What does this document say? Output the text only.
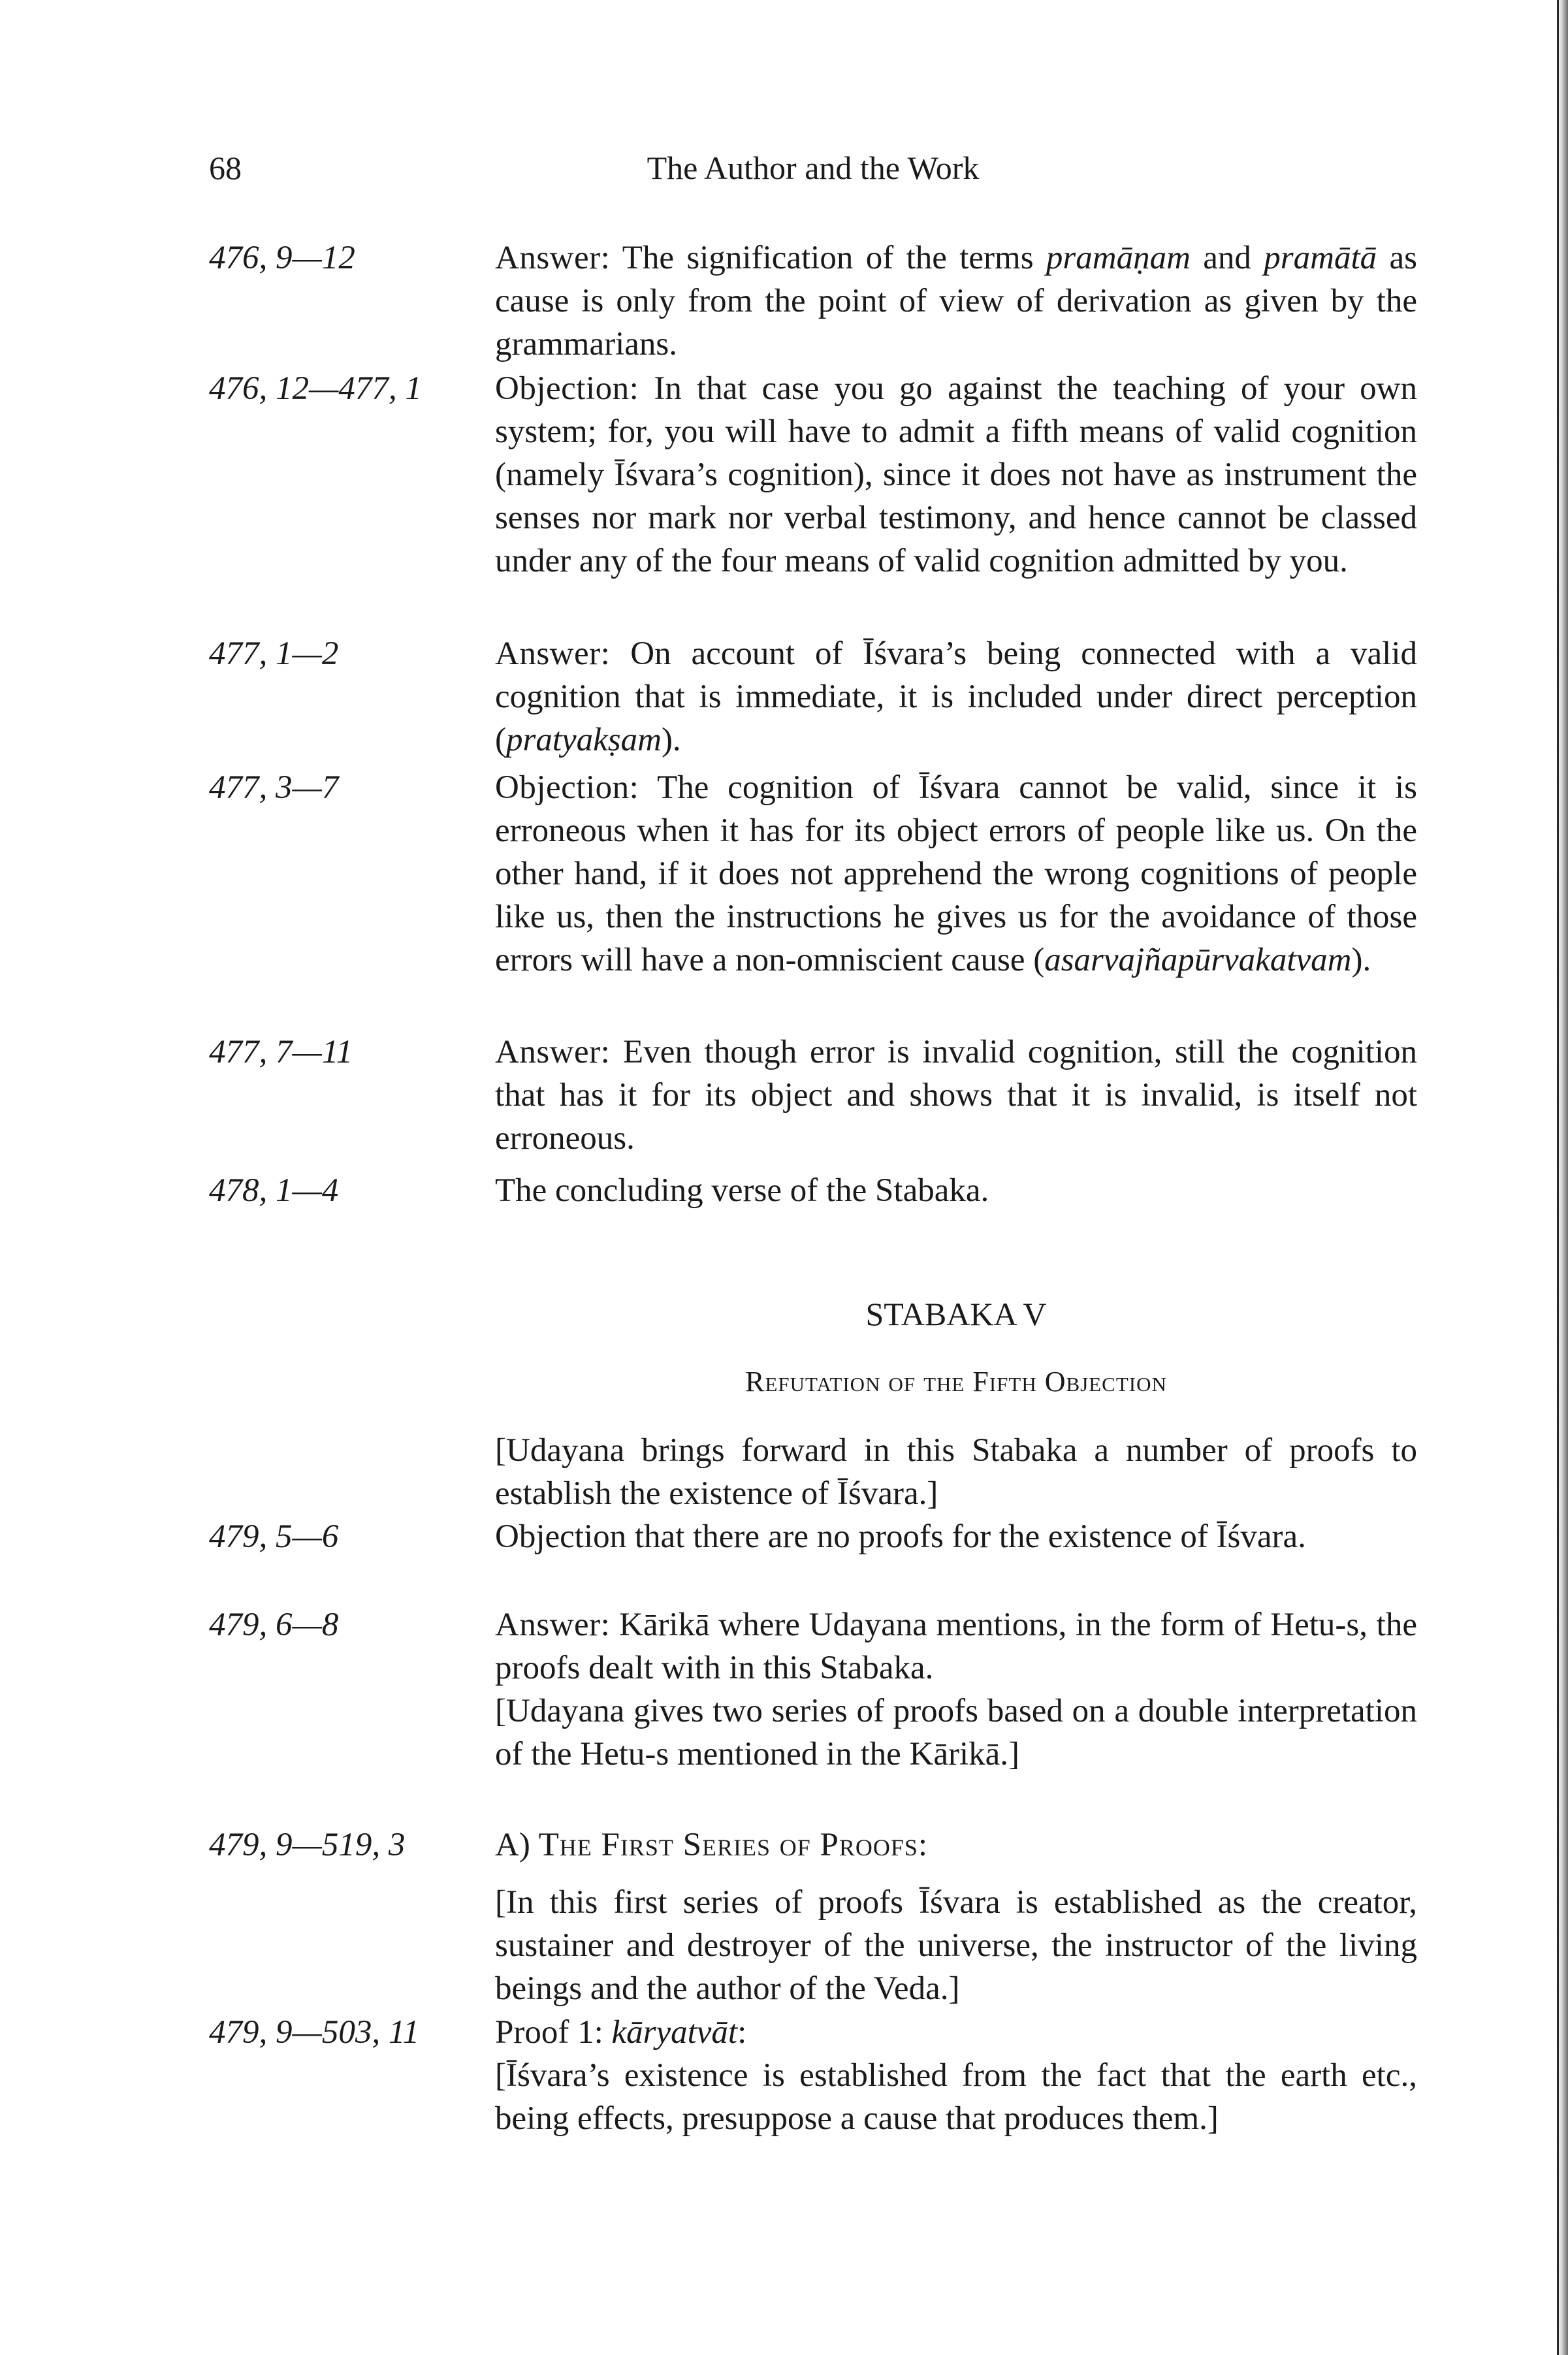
68	The Author and the Work
476, 9—12	Answer: The signification of the terms pramāṇam and pramātā as cause is only from the point of view of derivation as given by the grammarians.
476, 12—477, 1	Objection: In that case you go against the teaching of your own system; for, you will have to admit a fifth means of valid cognition (namely Īśvara’s cognition), since it does not have as instrument the senses nor mark nor verbal testimony, and hence cannot be classed under any of the four means of valid cognition admitted by you.
477, 1—2	Answer: On account of Īśvara’s being connected with a valid cognition that is immediate, it is included under direct perception (pratyakṣam).
477, 3—7	Objection: The cognition of Īśvara cannot be valid, since it is erroneous when it has for its object errors of people like us. On the other hand, if it does not apprehend the wrong cognitions of people like us, then the instructions he gives us for the avoidance of those errors will have a non-omniscient cause (asarvajñapūrvakatvam).
477, 7—11	Answer: Even though error is invalid cognition, still the cognition that has it for its object and shows that it is invalid, is itself not erroneous.
478, 1—4	The concluding verse of the Stabaka.
STABAKA V
Refutation of the Fifth Objection
[Udayana brings forward in this Stabaka a number of proofs to establish the existence of Īśvara.]
479, 5—6	Objection that there are no proofs for the existence of Īśvara.
479, 6—8	Answer: Kārikā where Udayana mentions, in the form of Hetu-s, the proofs dealt with in this Stabaka.
[Udayana gives two series of proofs based on a double interpretation of the Hetu-s mentioned in the Kārikā.]
479, 9—519, 3	A) The First Series of Proofs:
[In this first series of proofs Īśvara is established as the creator, sustainer and destroyer of the universe, the instructor of the living beings and the author of the Veda.]
479, 9—503, 11	Proof 1: kāryatvāt:
[Īśvara’s existence is established from the fact that the earth etc., being effects, presuppose a cause that produces them.]
